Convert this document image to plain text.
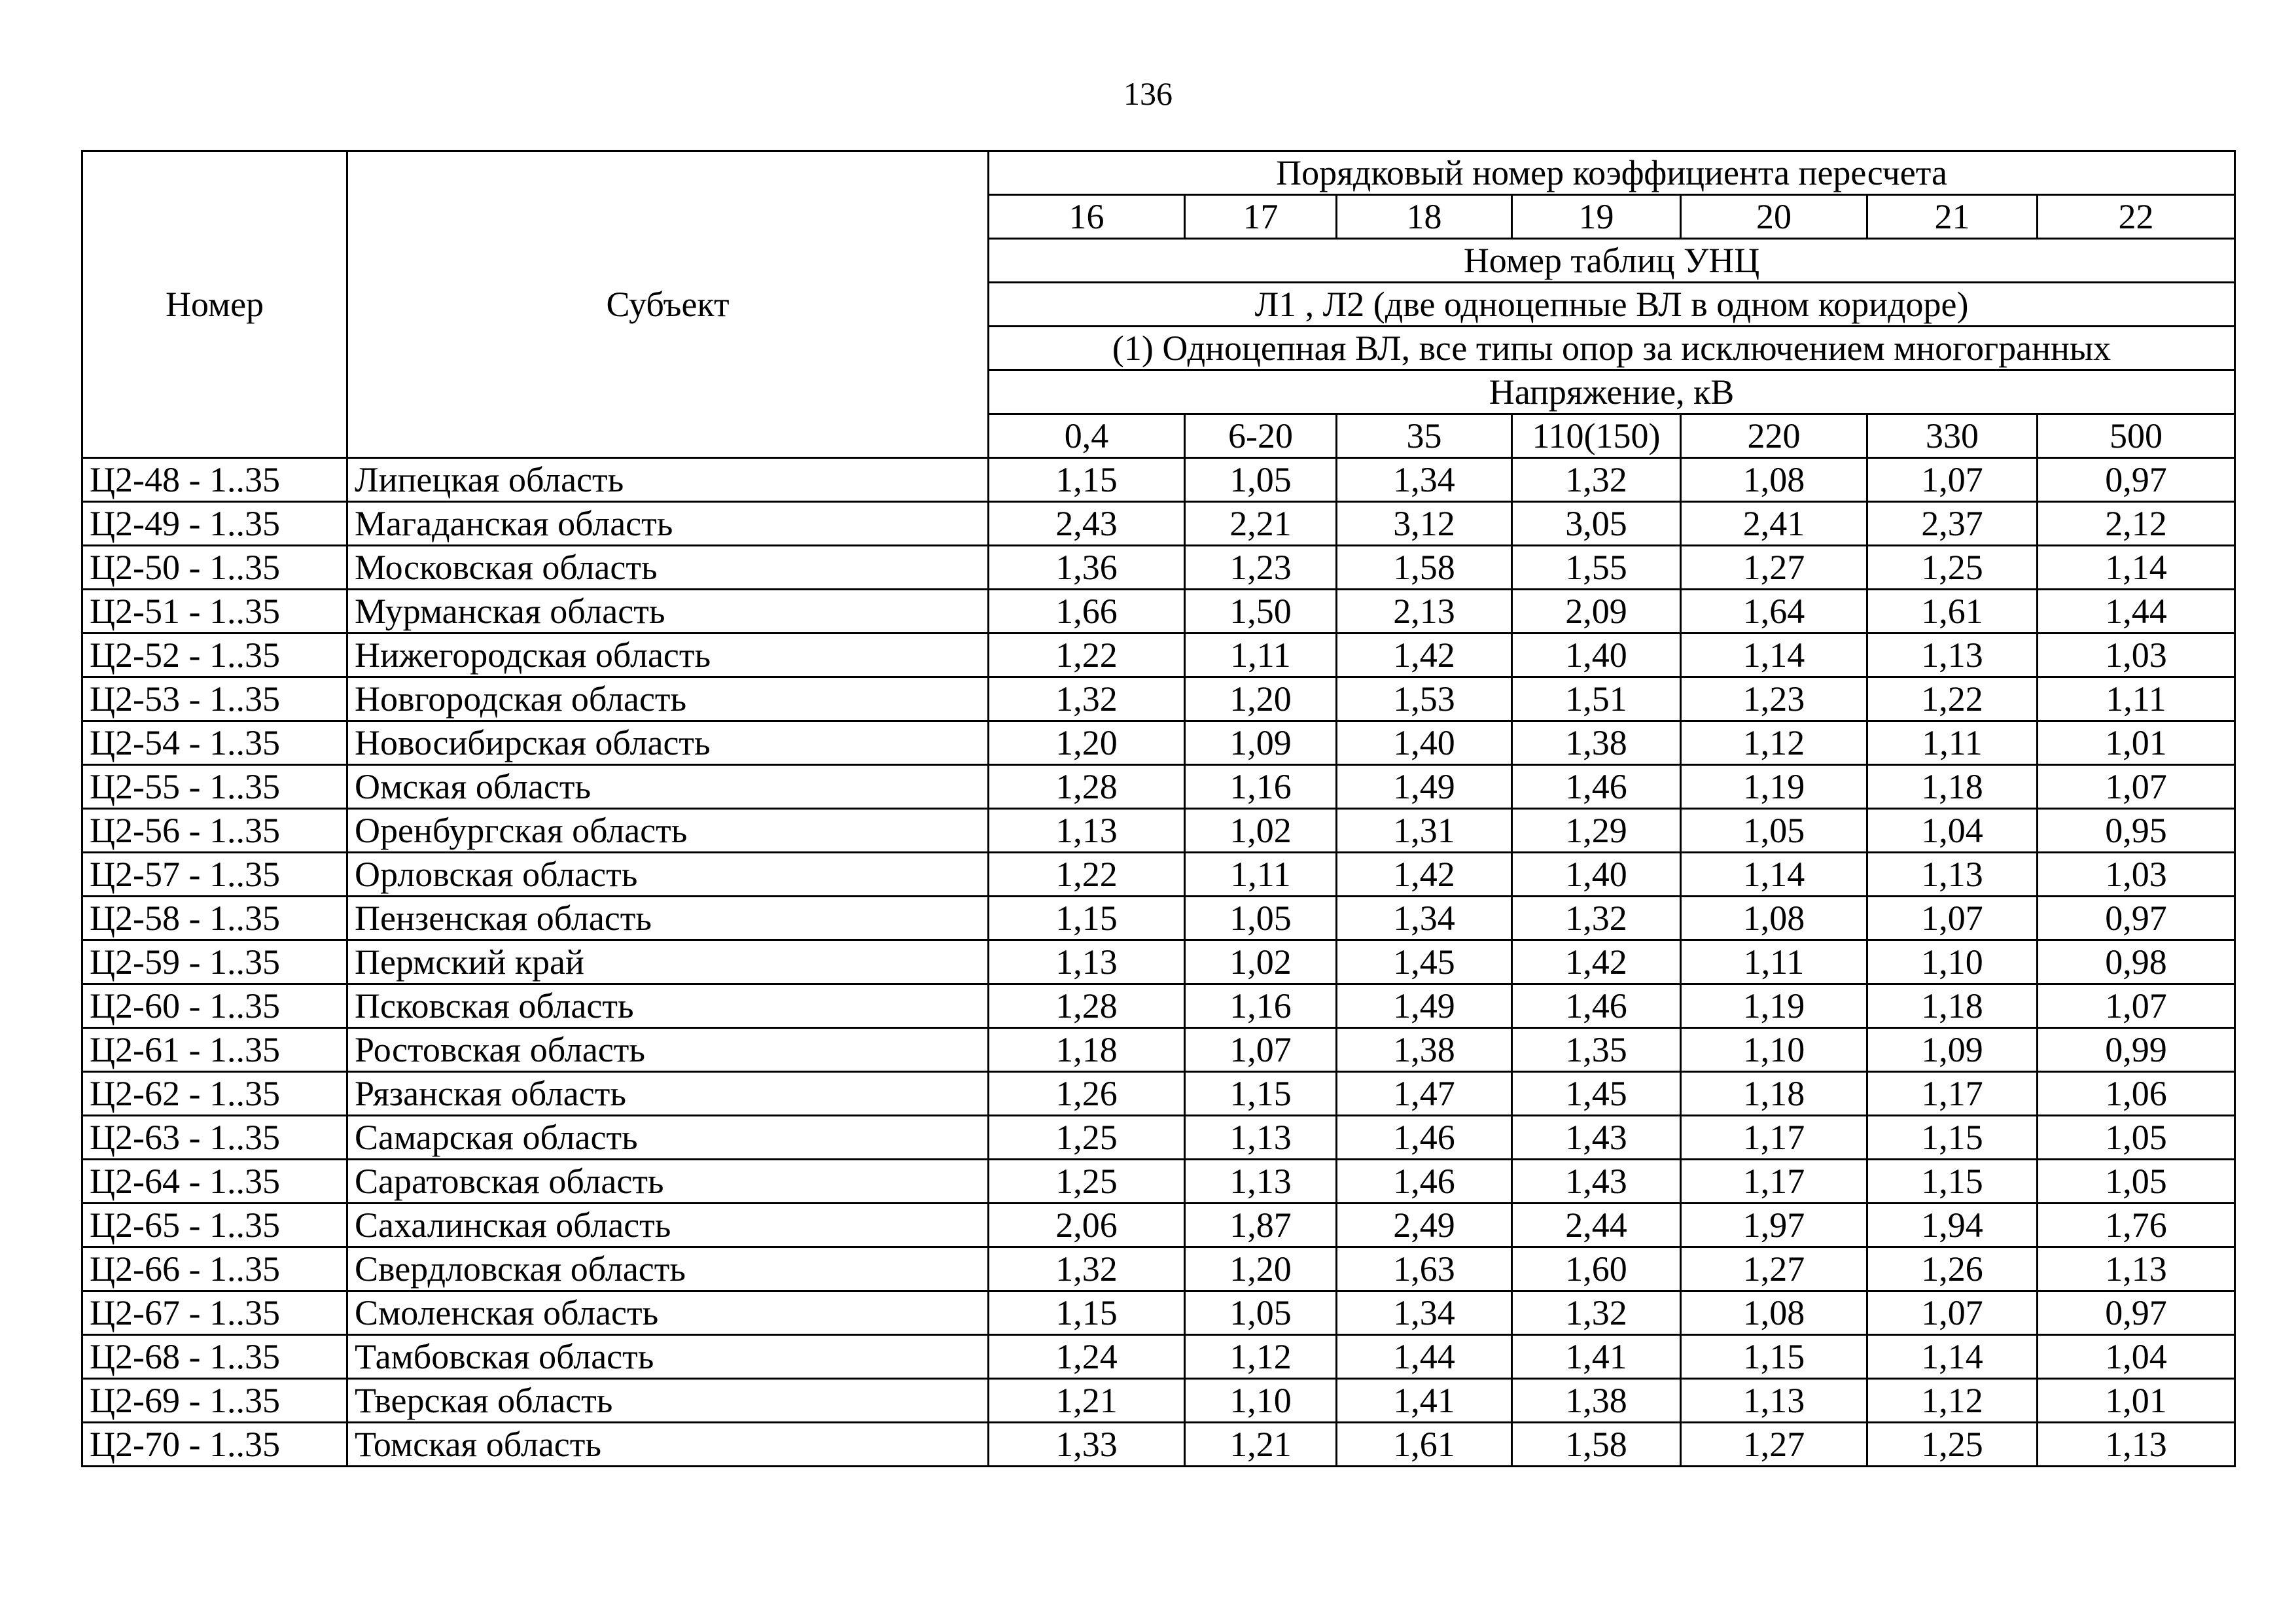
136
Номер	Субъект	Порядковый номер коэффициента пересчета						
		16	17	18	19	20	21	22
		Номер таблиц УНЦ						
		Л1 , Л2 (две одноцепные ВЛ в одном коридоре)						
		(1) Одноцепная ВЛ, все типы опор за исключением многогранных						
		Напряжение, кВ						
		0,4	6-20	35	110(150)	220	330	500
Ц2-48 - 1..35	Липецкая область	1,15	1,05	1,34	1,32	1,08	1,07	0,97
Ц2-49 - 1..35	Магаданская область	2,43	2,21	3,12	3,05	2,41	2,37	2,12
Ц2-50 - 1..35	Московская область	1,36	1,23	1,58	1,55	1,27	1,25	1,14
Ц2-51 - 1..35	Мурманская область	1,66	1,50	2,13	2,09	1,64	1,61	1,44
Ц2-52 - 1..35	Нижегородская область	1,22	1,11	1,42	1,40	1,14	1,13	1,03
Ц2-53 - 1..35	Новгородская область	1,32	1,20	1,53	1,51	1,23	1,22	1,11
Ц2-54 - 1..35	Новосибирская область	1,20	1,09	1,40	1,38	1,12	1,11	1,01
Ц2-55 - 1..35	Омская область	1,28	1,16	1,49	1,46	1,19	1,18	1,07
Ц2-56 - 1..35	Оренбургская область	1,13	1,02	1,31	1,29	1,05	1,04	0,95
Ц2-57 - 1..35	Орловская область	1,22	1,11	1,42	1,40	1,14	1,13	1,03
Ц2-58 - 1..35	Пензенская область	1,15	1,05	1,34	1,32	1,08	1,07	0,97
Ц2-59 - 1..35	Пермский край	1,13	1,02	1,45	1,42	1,11	1,10	0,98
Ц2-60 - 1..35	Псковская область	1,28	1,16	1,49	1,46	1,19	1,18	1,07
Ц2-61 - 1..35	Ростовская область	1,18	1,07	1,38	1,35	1,10	1,09	0,99
Ц2-62 - 1..35	Рязанская область	1,26	1,15	1,47	1,45	1,18	1,17	1,06
Ц2-63 - 1..35	Самарская область	1,25	1,13	1,46	1,43	1,17	1,15	1,05
Ц2-64 - 1..35	Саратовская область	1,25	1,13	1,46	1,43	1,17	1,15	1,05
Ц2-65 - 1..35	Сахалинская область	2,06	1,87	2,49	2,44	1,97	1,94	1,76
Ц2-66 - 1..35	Свердловская область	1,32	1,20	1,63	1,60	1,27	1,26	1,13
Ц2-67 - 1..35	Смоленская область	1,15	1,05	1,34	1,32	1,08	1,07	0,97
Ц2-68 - 1..35	Тамбовская область	1,24	1,12	1,44	1,41	1,15	1,14	1,04
Ц2-69 - 1..35	Тверская область	1,21	1,10	1,41	1,38	1,13	1,12	1,01
Ц2-70 - 1..35	Томская область	1,33	1,21	1,61	1,58	1,27	1,25	1,13
